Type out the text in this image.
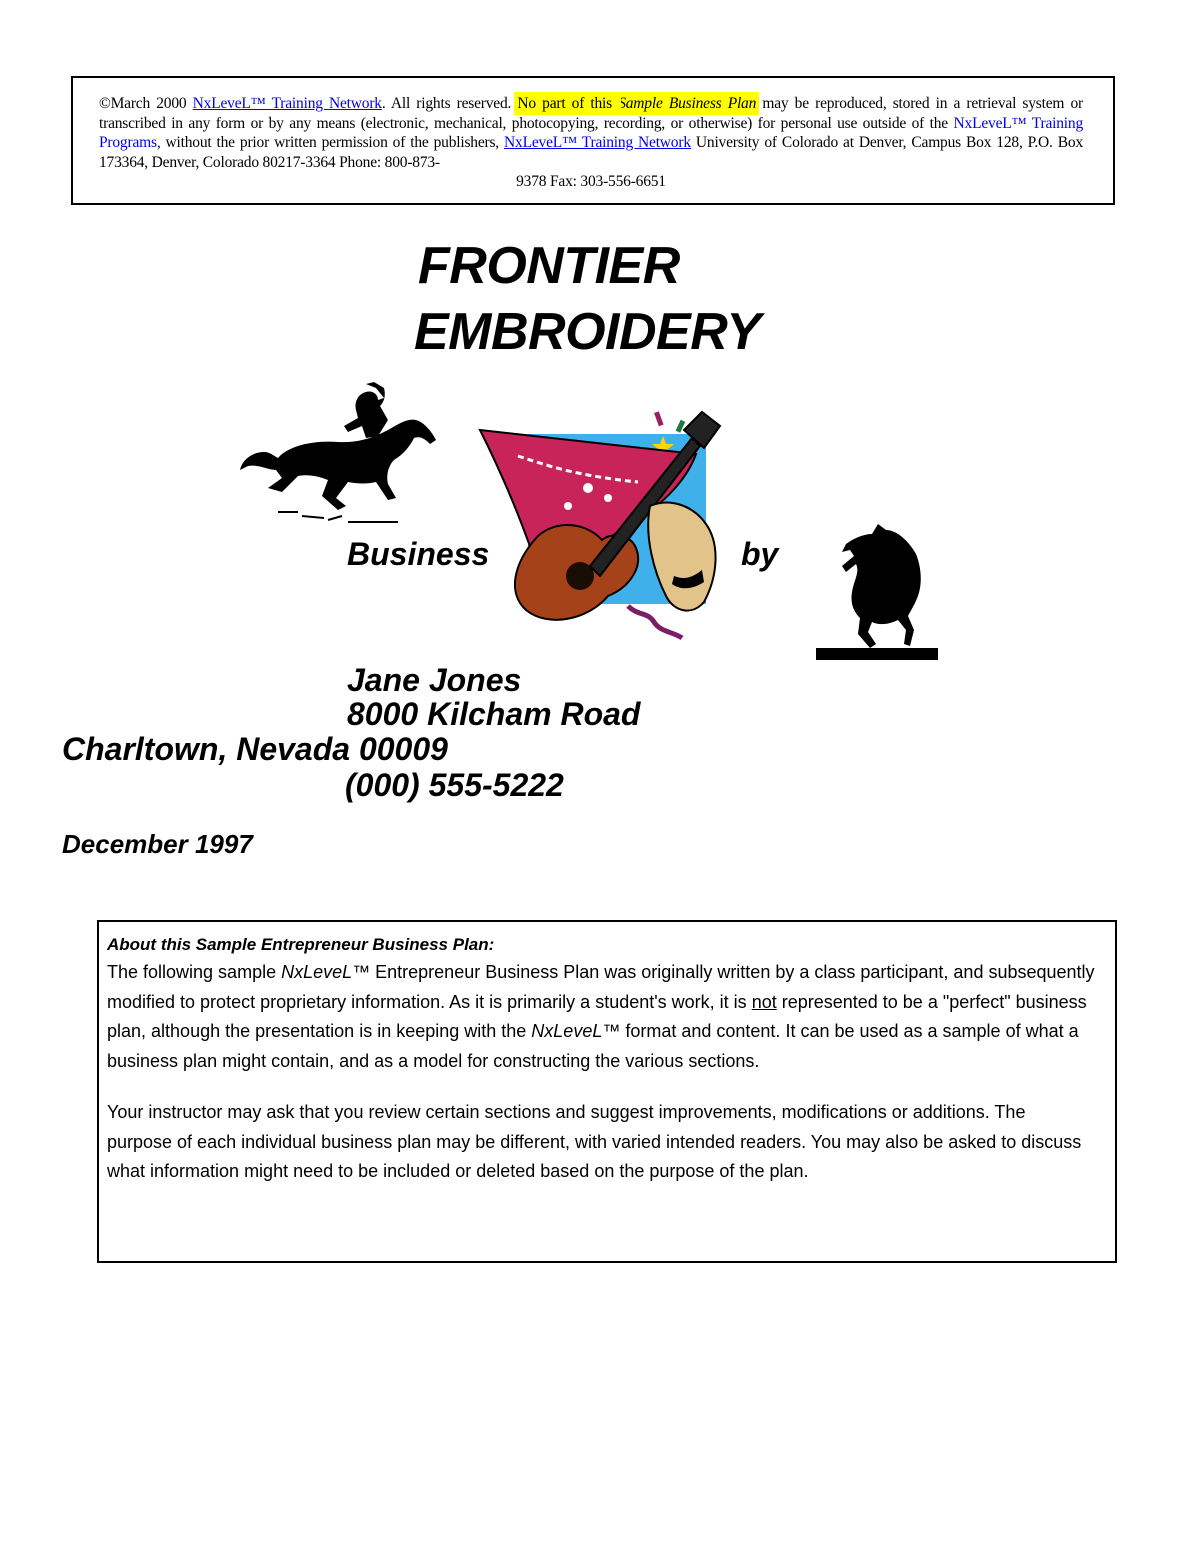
©March 2000 NxLeveL™ Training Network. All rights reserved. No part of this Sample Business Plan may be reproduced, stored in a retrieval system or transcribed in any form or by any means (electronic, mechanical, photocopying, recording, or otherwise) for personal use outside of the NxLeveL™ Training Programs, without the prior written permission of the publishers, NxLeveL™ Training Network University of Colorado at Denver, Campus Box 128, P.O. Box 173364, Denver, Colorado 80217-3364 Phone: 800-873-
9378 Fax: 303-556-6651
FRONTIER
EMBROIDERY
Business	by
Jane Jones
8000 Kilcham Road
Charltown, Nevada 00009
(000) 555-5222
December 1997

About this Sample Entrepreneur Business Plan:

The following sample NxLeveL™ Entrepreneur Business Plan was originally written by a class participant, and subsequently modified to protect proprietary information. As it is primarily a student's work, it is not represented to be a "perfect" business plan, although the presentation is in keeping with the NxLeveL™ format and content. It can be used as a sample of what a business plan might contain, and as a model for constructing the various sections.

Your instructor may ask that you review certain sections and suggest improvements, modifications or additions. The purpose of each individual business plan may be different, with varied intended readers. You may also be asked to discuss what information might need to be included or deleted based on the purpose of the plan.
